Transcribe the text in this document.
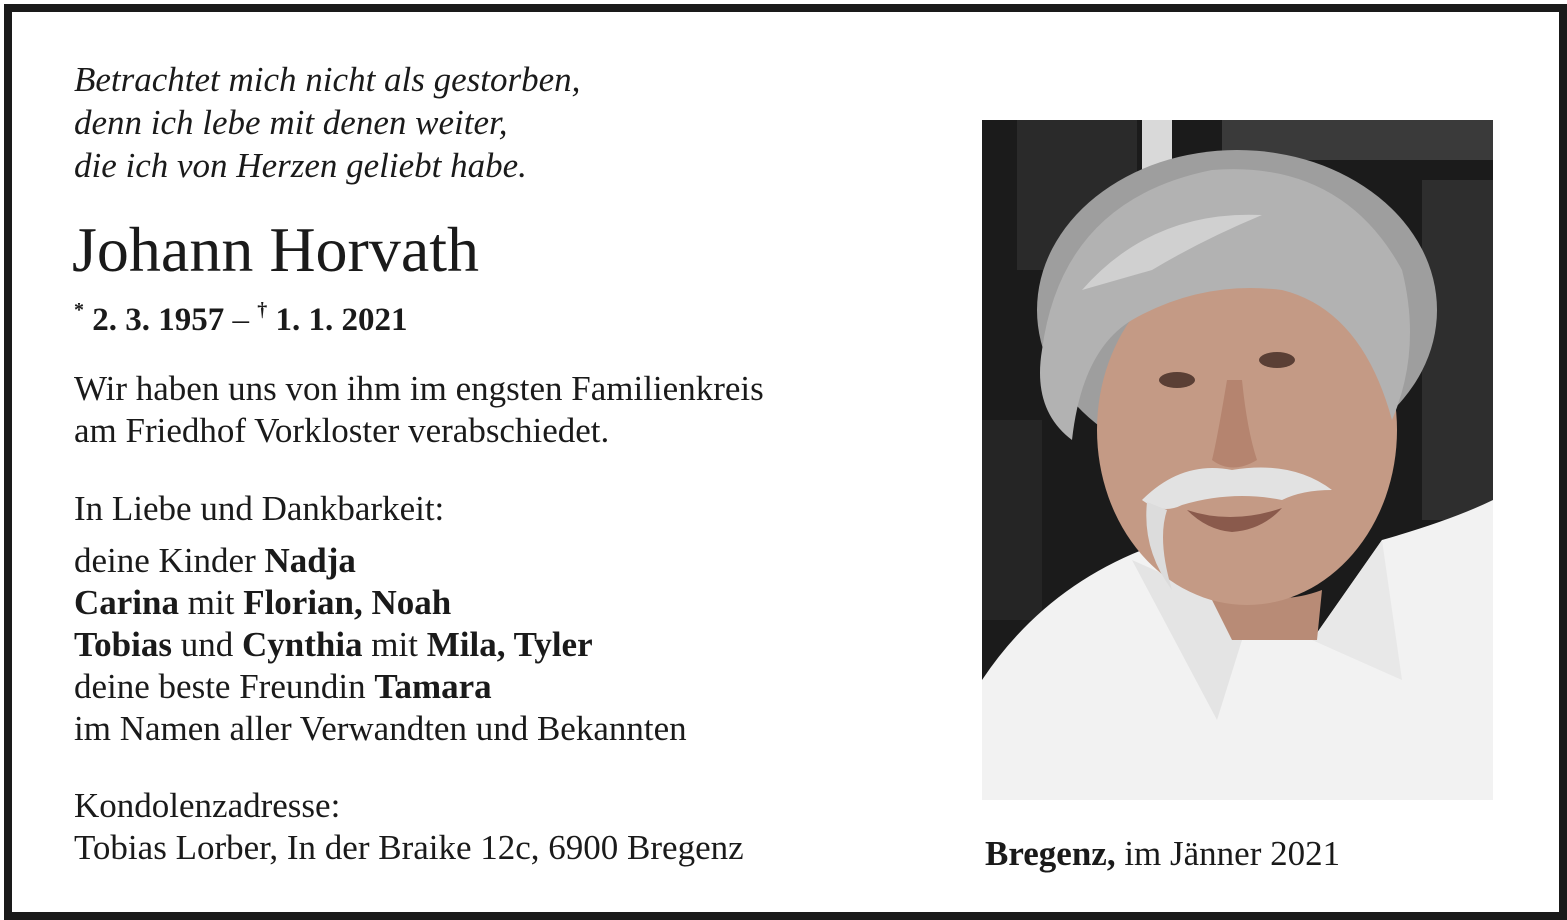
Betrachtet mich nicht als gestorben,
denn ich lebe mit denen weiter,
die ich von Herzen geliebt habe.
Johann Horvath
* 2. 3. 1957 – † 1. 1. 2021
Wir haben uns von ihm im engsten Familienkreis
am Friedhof Vorkloster verabschiedet.
In Liebe und Dankbarkeit:
deine Kinder Nadja
Carina mit Florian, Noah
Tobias und Cynthia mit Mila, Tyler
deine beste Freundin Tamara
im Namen aller Verwandten und Bekannten
Kondolenzadresse:
Tobias Lorber, In der Braike 12c, 6900 Bregenz	Bregenz, im Jänner 2021
